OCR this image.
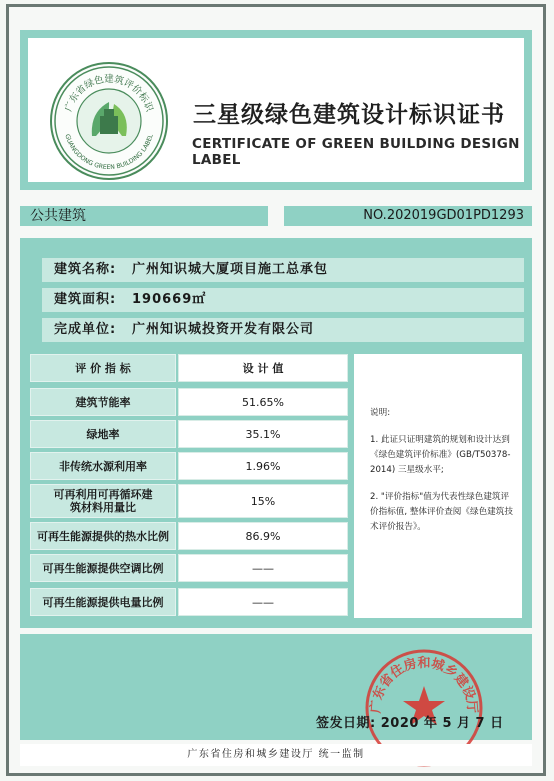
广东省绿色建筑评价标识
GUANGDONG GREEN BUILDING LABEL
三星级绿色建筑设计标识证书
CERTIFICATE OF GREEN BUILDING DESIGN LABEL
公共建筑	NO.202019GD01PD1293
建筑名称: 广州知识城大厦项目施工总承包
建筑面积: 190669㎡
完成单位: 广州知识城投资开发有限公司
评 价 指 标	设 计 值
建筑节能率	51.65%
绿地率	35.1%
非传统水源利用率	1.96%
可再利用可再循环建筑材料用量比	15%
可再生能源提供的热水比例	86.9%
可再生能源提供空调比例	——
可再生能源提供电量比例	——

说明:

1. 此证只证明建筑的规划和设计达到《绿色建筑评价标准》(GB/T50378-2014) 三星级水平;

2. "评价指标"值为代表性绿色建筑评价指标值, 整体评价查阅《绿色建筑技术评价报告》。

广东省住房和城乡建设厅
签发日期: 2020 年 5 月 7 日
广东省住房和城乡建设厅 统一监制
